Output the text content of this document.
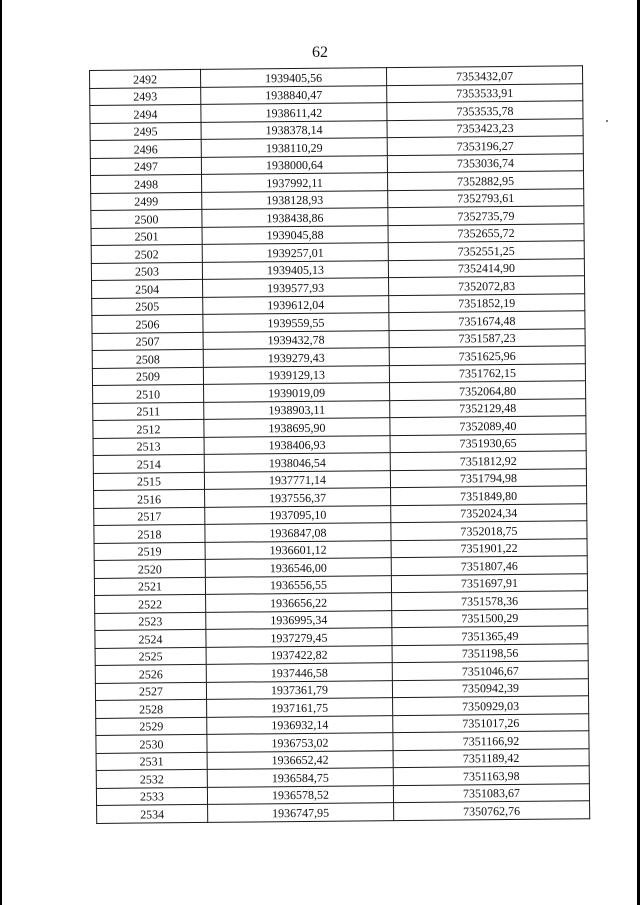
62
2492	1939405,56	7353432,07
2493	1938840,47	7353533,91
2494	1938611,42	7353535,78
2495	1938378,14	7353423,23
2496	1938110,29	7353196,27
2497	1938000,64	7353036,74
2498	1937992,11	7352882,95
2499	1938128,93	7352793,61
2500	1938438,86	7352735,79
2501	1939045,88	7352655,72
2502	1939257,01	7352551,25
2503	1939405,13	7352414,90
2504	1939577,93	7352072,83
2505	1939612,04	7351852,19
2506	1939559,55	7351674,48
2507	1939432,78	7351587,23
2508	1939279,43	7351625,96
2509	1939129,13	7351762,15
2510	1939019,09	7352064,80
2511	1938903,11	7352129,48
2512	1938695,90	7352089,40
2513	1938406,93	7351930,65
2514	1938046,54	7351812,92
2515	1937771,14	7351794,98
2516	1937556,37	7351849,80
2517	1937095,10	7352024,34
2518	1936847,08	7352018,75
2519	1936601,12	7351901,22
2520	1936546,00	7351807,46
2521	1936556,55	7351697,91
2522	1936656,22	7351578,36
2523	1936995,34	7351500,29
2524	1937279,45	7351365,49
2525	1937422,82	7351198,56
2526	1937446,58	7351046,67
2527	1937361,79	7350942,39
2528	1937161,75	7350929,03
2529	1936932,14	7351017,26
2530	1936753,02	7351166,92
2531	1936652,42	7351189,42
2532	1936584,75	7351163,98
2533	1936578,52	7351083,67
2534	1936747,95	7350762,76
